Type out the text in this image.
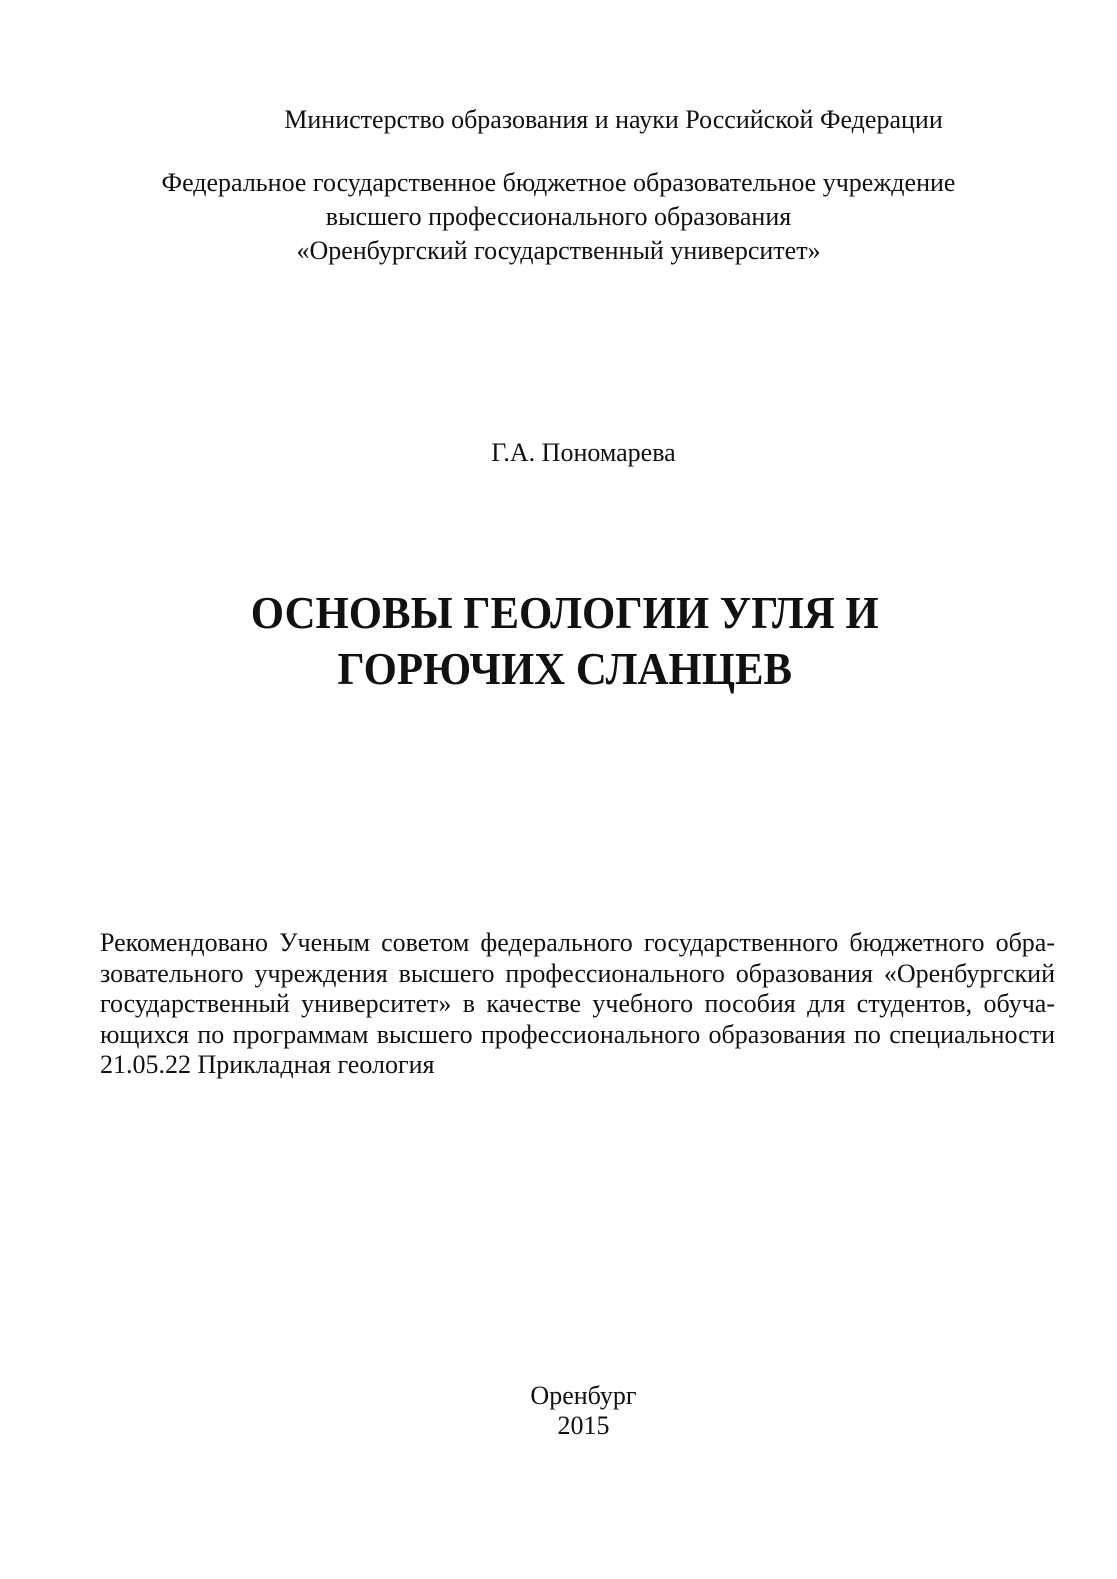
Министерство образования и науки Российской Федерации
Федеральное государственное бюджетное образовательное учреждение
высшего профессионального образования
«Оренбургский государственный университет»
Г.А. Пономарева
ОСНОВЫ ГЕОЛОГИИ УГЛЯ И
ГОРЮЧИХ СЛАНЦЕВ
Рекомендовано Ученым советом федерального государственного бюджетного обра-
зовательного учреждения высшего профессионального образования «Оренбургский
государственный университет» в качестве учебного пособия для студентов, обуча-
ющихся по программам высшего профессионального образования по специальности
21.05.22 Прикладная геология
Оренбург
2015
